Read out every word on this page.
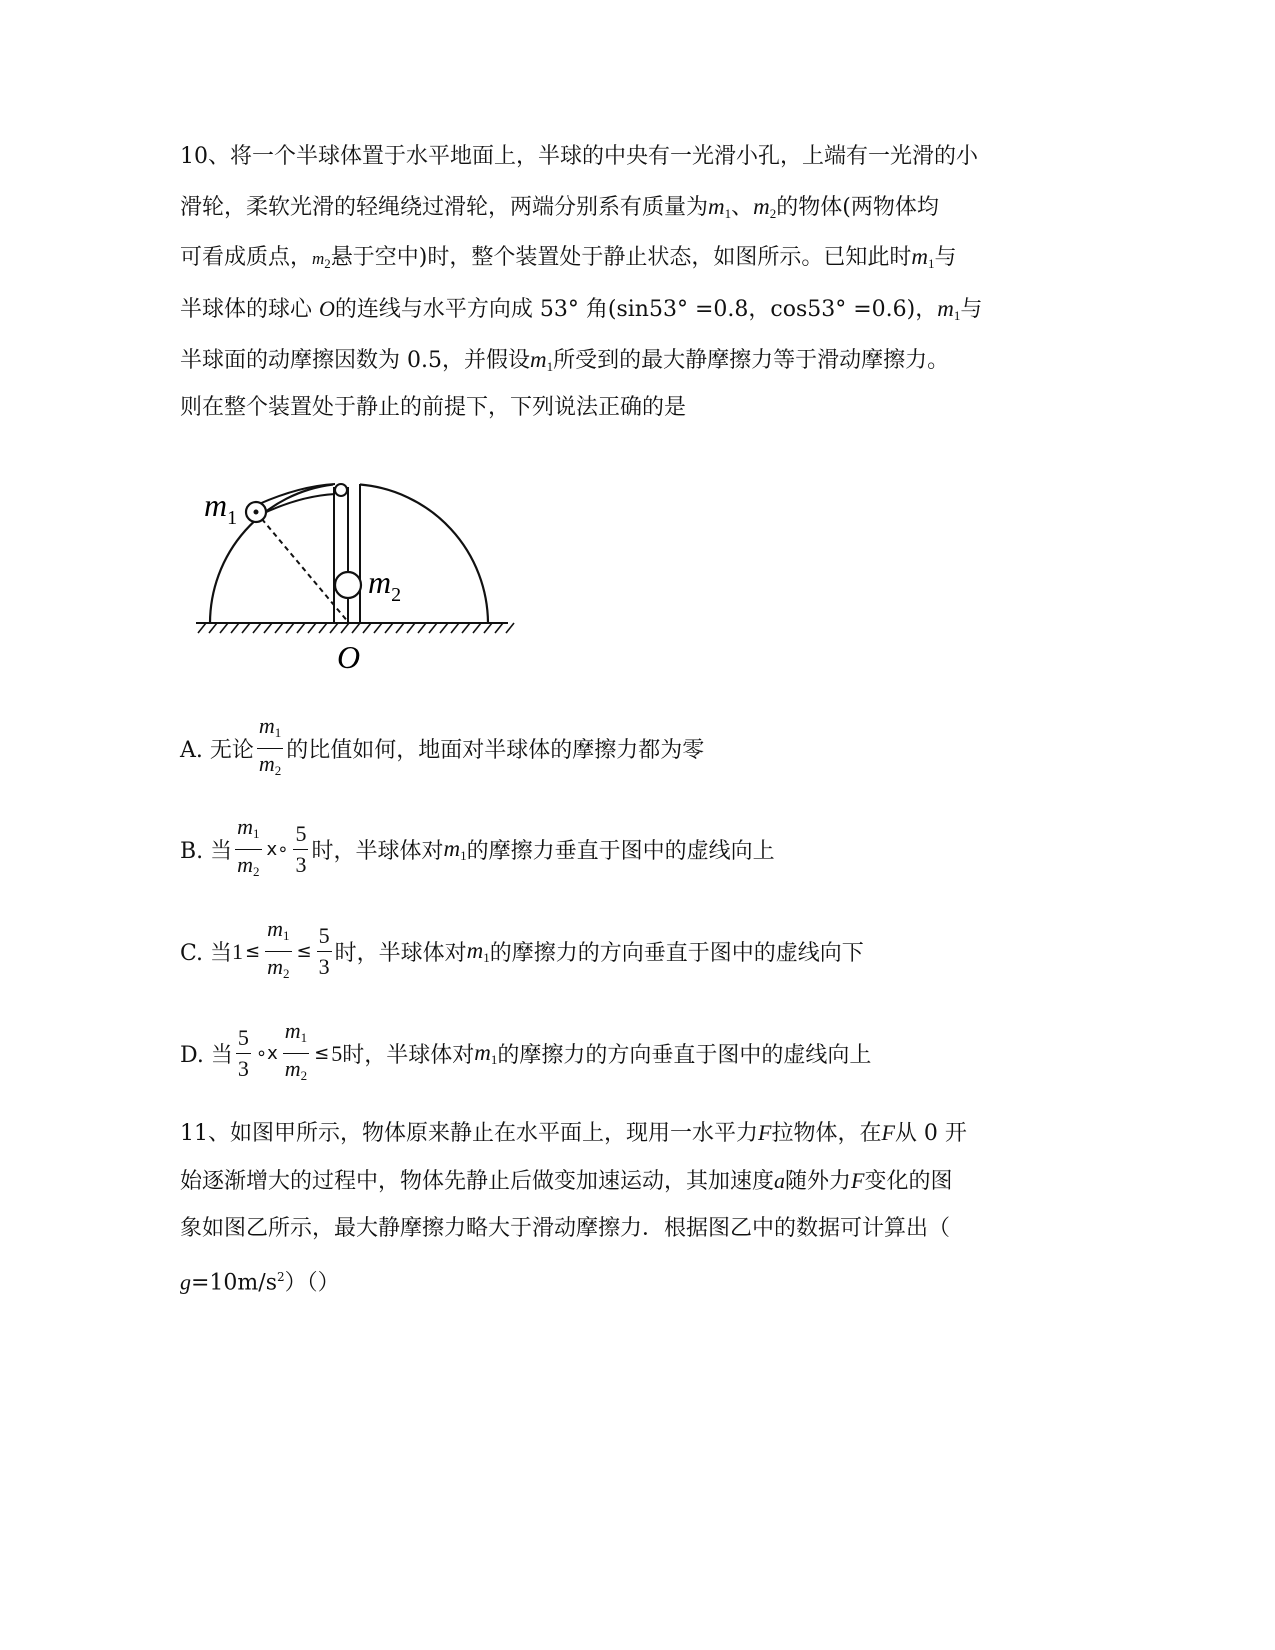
10、将一个半球体置于水平地面上，半球的中央有一光滑小孔，上端有一光滑的小
滑轮，柔软光滑的轻绳绕过滑轮，两端分别系有质量为$m_1$、$m_2$的物体(两物体均
可看成质点，$m_2$悬于空中)时，整个装置处于静止状态，如图所示。已知此时$m_1$与
半球体的球心 O的连线与水平方向成 53° 角(sin53° =0.8，cos53° =0.6)，$m_1$与
半球面的动摩擦因数为 0.5，并假设$m_1$所受到的最大静摩擦力等于滑动摩擦力。
则在整个装置处于静止的前提下，下列说法正确的是
$m_1$
$m_2$
O
A. 无论 $\frac{m_1}{m_2}$ 的比值如何，地面对半球体的摩擦力都为零
B. 当 $\frac{m_1}{m_2}$ ⅹ∘ $\frac{5}{3}$ 时，半球体对 $m_1$ 的摩擦力垂直于图中的虚线向上
C. 当 $1 \le \frac{m_1}{m_2} \le \frac{5}{3}$ 时，半球体对 $m_1$ 的摩擦力的方向垂直于图中的虚线向下
D. 当 $\frac{5}{3}$ ∘ⅹ $\frac{m_1}{m_2} \le 5$ 时，半球体对 $m_1$ 的摩擦力的方向垂直于图中的虚线向上
11、如图甲所示，物体原来静止在水平面上，现用一水平力F拉物体，在F从 0 开
始逐渐增大的过程中，物体先静止后做变加速运动，其加速度a随外力F变化的图
象如图乙所示，最大静摩擦力略大于滑动摩擦力．根据图乙中的数据可计算出（
$g=10m/s^2)()$
